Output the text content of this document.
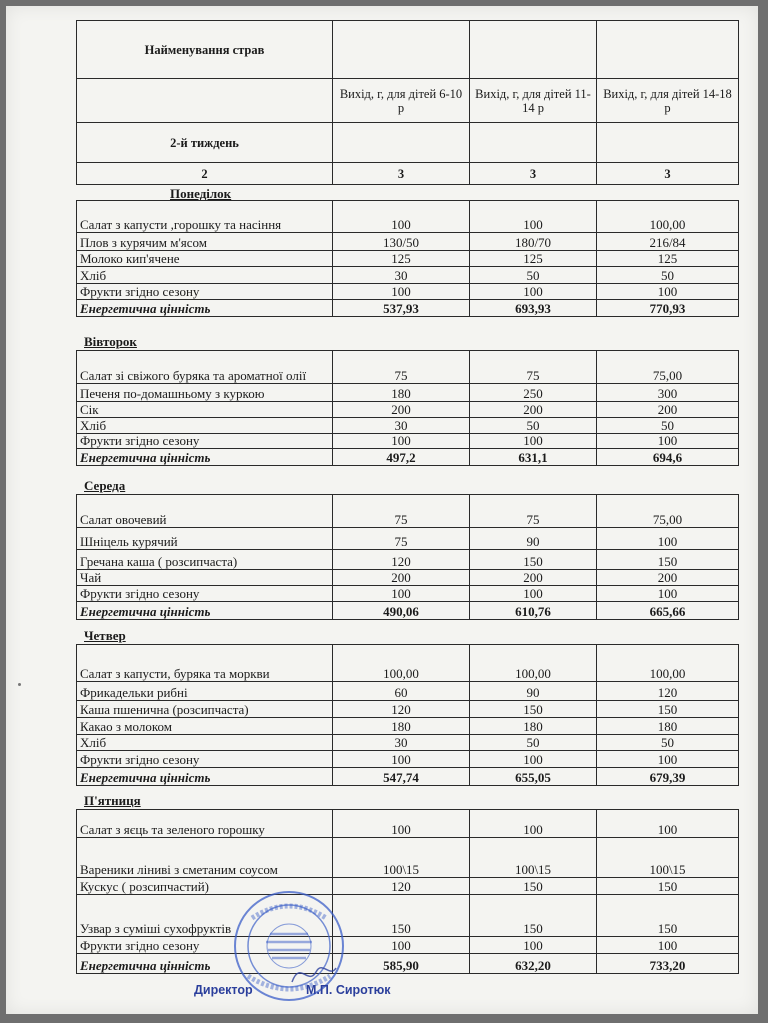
Найменування страв			
	Вихід, г, для дітей 6-10 р	Вихід, г, для дітей 11-14 р	Вихід, г, для дітей 14-18 р
2-й тиждень			
2	3	3	3
Понеділок
Салат з капусти ,горошку та насіння	100	100	100,00
Плов з курячим м'ясом	130/50	180/70	216/84
Молоко кип'ячене	125	125	125
Хліб	30	50	50
Фрукти згідно сезону	100	100	100
Енергетична цінність	537,93	693,93	770,93
Вівторок
Салат зі свіжого буряка та ароматної олії	75	75	75,00
Печеня по-домашньому з куркою	180	250	300
Сік	200	200	200
Хліб	30	50	50
Фрукти згідно сезону	100	100	100
Енергетична цінність	497,2	631,1	694,6
Середа
Салат овочевий	75	75	75,00
Шніцель курячий	75	90	100
Гречана каша ( розсипчаста)	120	150	150
Чай	200	200	200
Фрукти згідно сезону	100	100	100
Енергетична цінність	490,06	610,76	665,66
Четвер
Салат з капусти, буряка та моркви	100,00	100,00	100,00
Фрикадельки рибні	60	90	120
Каша пшенична (розсипчаста)	120	150	150
Какао з молоком	180	180	180
Хліб	30	50	50
Фрукти згідно сезону	100	100	100
Енергетична цінність	547,74	655,05	679,39
П'ятниця
Салат з яєць та зеленого горошку	100	100	100
Вареники ліниві з сметаним соусом	100\15	100\15	100\15
Кускус ( розсипчастий)	120	150	150
Узвар з суміші сухофруктів	150	150	150
Фрукти згідно сезону	100	100	100
Енергетична цінність	585,90	632,20	733,20
Директор	М.П. Сиротюк
